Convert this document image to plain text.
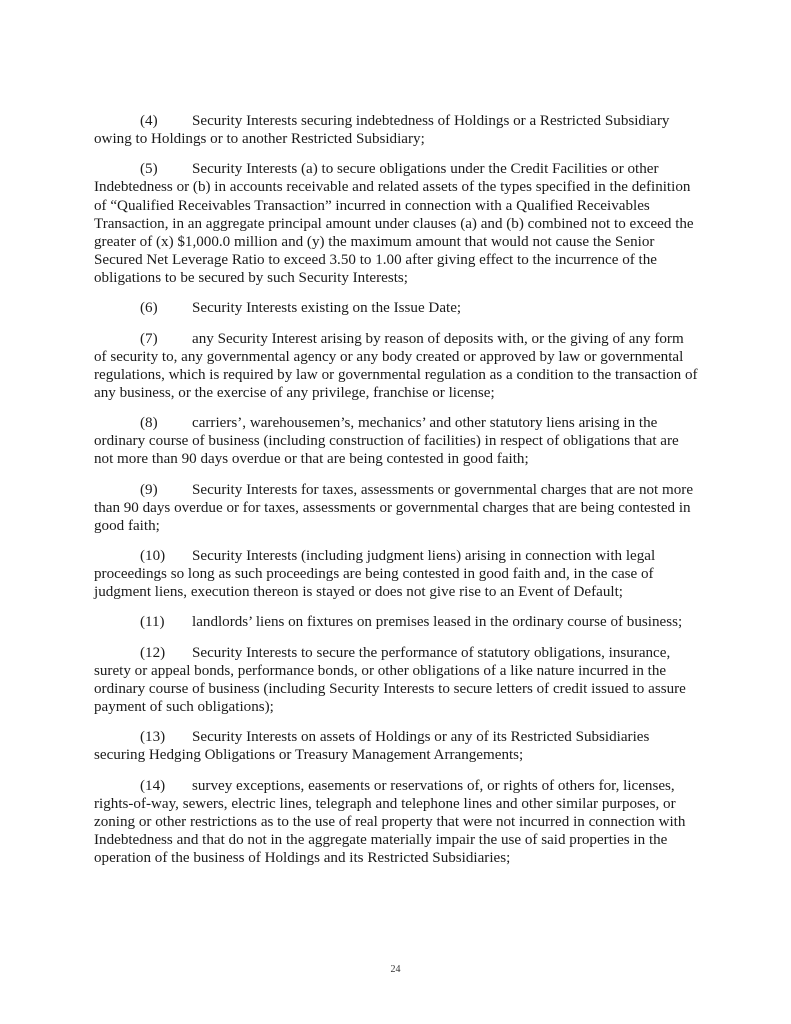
(4) Security Interests securing indebtedness of Holdings or a Restricted Subsidiary owing to Holdings or to another Restricted Subsidiary;

(5) Security Interests (a) to secure obligations under the Credit Facilities or other Indebtedness or (b) in accounts receivable and related assets of the types specified in the definition of “Qualified Receivables Transaction” incurred in connection with a Qualified Receivables Transaction, in an aggregate principal amount under clauses (a) and (b) combined not to exceed the greater of (x) $1,000.0 million and (y) the maximum amount that would not cause the Senior Secured Net Leverage Ratio to exceed 3.50 to 1.00 after giving effect to the incurrence of the obligations to be secured by such Security Interests;

(6) Security Interests existing on the Issue Date;

(7) any Security Interest arising by reason of deposits with, or the giving of any form of security to, any governmental agency or any body created or approved by law or governmental regulations, which is required by law or governmental regulation as a condition to the transaction of any business, or the exercise of any privilege, franchise or license;

(8) carriers’, warehousemen’s, mechanics’ and other statutory liens arising in the ordinary course of business (including construction of facilities) in respect of obligations that are not more than 90 days overdue or that are being contested in good faith;

(9) Security Interests for taxes, assessments or governmental charges that are not more than 90 days overdue or for taxes, assessments or governmental charges that are being contested in good faith;

(10) Security Interests (including judgment liens) arising in connection with legal proceedings so long as such proceedings are being contested in good faith and, in the case of judgment liens, execution thereon is stayed or does not give rise to an Event of Default;

(11) landlords’ liens on fixtures on premises leased in the ordinary course of business;

(12) Security Interests to secure the performance of statutory obligations, insurance, surety or appeal bonds, performance bonds, or other obligations of a like nature incurred in the ordinary course of business (including Security Interests to secure letters of credit issued to assure payment of such obligations);

(13) Security Interests on assets of Holdings or any of its Restricted Subsidiaries securing Hedging Obligations or Treasury Management Arrangements;

(14) survey exceptions, easements or reservations of, or rights of others for, licenses, rights-of-way, sewers, electric lines, telegraph and telephone lines and other similar purposes, or zoning or other restrictions as to the use of real property that were not incurred in connection with Indebtedness and that do not in the aggregate materially impair the use of said properties in the operation of the business of Holdings and its Restricted Subsidiaries;

24
